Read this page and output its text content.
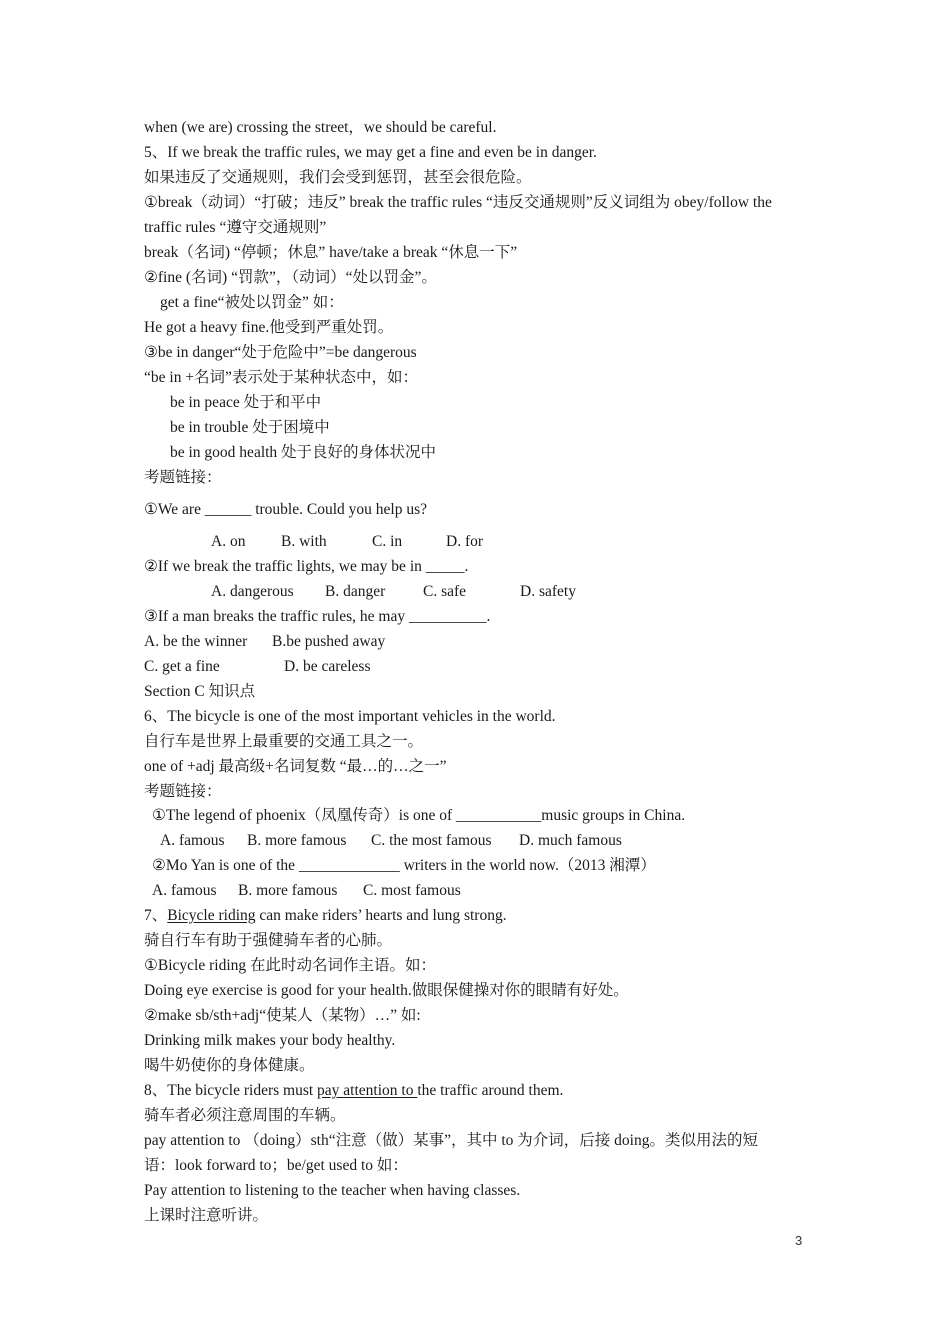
when (we are) crossing the street，we should be careful.
5、If we break the traffic rules, we may get a fine and even be in danger.
如果违反了交通规则，我们会受到惩罚，甚至会很危险。
①break（动词）“打破；违反” break the traffic rules “违反交通规则”反义词组为 obey/follow the
traffic rules “遵守交通规则”
break（名词) “停顿；休息” have/take a break “休息一下”
②fine (名词) “罚款”，（动词）“处以罚金”。
get a fine“被处以罚金” 如：
He got a heavy fine.他受到严重处罚。
③be in danger“处于危险中”=be dangerous
“be in +名词”表示处于某种状态中，如：
be in peace 处于和平中
be in trouble 处于困境中
be in good health 处于良好的身体状况中
考题链接：
①We are ______ trouble. Could you help us?
A. on B. with	C. in	D. for
②If we break the traffic lights, we may be in _____.
A. dangerous B. danger C. safe	D. safety
③If a man breaks the traffic rules, he may __________.
A. be the winner B.be pushed away
C. get a fine	D. be careless
Section C 知识点
6、The bicycle is one of the most important vehicles in the world.
自行车是世界上最重要的交通工具之一。
one of +adj 最高级+名词复数 “最…的…之一”
考题链接：
①The legend of phoenix（凤凰传奇）is one of ___________music groups in China.
A. famous B. more famous C. the most famous D. much famous
②Mo Yan is one of the _____________ writers in the world now.（2013 湘潭）
A. famous B. more famous C. most famous
7、Bicycle riding can make riders’ hearts and lung strong.
骑自行车有助于强健骑车者的心肺。
①Bicycle riding 在此时动名词作主语。如：
Doing eye exercise is good for your health.做眼保健操对你的眼睛有好处。
②make sb/sth+adj“使某人（某物）…” 如:
Drinking milk makes your body healthy.
喝牛奶使你的身体健康。
8、The bicycle riders must pay attention to the traffic around them.
骑车者必须注意周围的车辆。
pay attention to （doing）sth“注意（做）某事”，其中 to 为介词，后接 doing。类似用法的短
语：look forward to；be/get used to 如：
Pay attention to listening to the teacher when having classes.
上课时注意听讲。
3
